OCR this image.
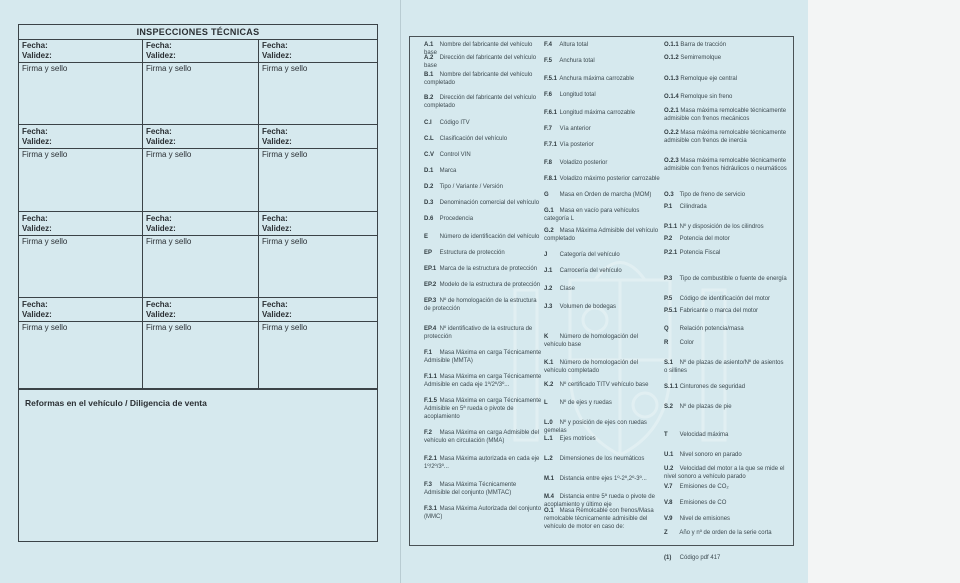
INSPECCIONES TÉCNICAS
Fecha:
Validez:
Firma y sello
Fecha:
Validez:
Firma y sello
Fecha:
Validez:
Firma y sello
Fecha:
Validez:
Firma y sello
Fecha:
Validez:
Firma y sello
Fecha:
Validez:
Firma y sello
Fecha:
Validez:
Firma y sello
Fecha:
Validez:
Firma y sello
Fecha:
Validez:
Firma y sello
Fecha:
Validez:
Firma y sello
Fecha:
Validez:
Firma y sello
Fecha:
Validez:
Firma y sello
Reformas en el vehículo / Diligencia de venta
A.1 Nombre del fabricante del vehículo base
A.2 Dirección del fabricante del vehículo base
B.1 Nombre del fabricante del vehículo completado
B.2 Dirección del fabricante del vehículo completado
C.I Código ITV
C.L Clasificación del vehículo
C.V Control VIN
D.1 Marca
D.2 Tipo / Variante / Versión
D.3 Denominación comercial del vehículo
D.6 Procedencia
E Número de identificación del vehículo
EP Estructura de protección
EP.1 Marca de la estructura de protección
EP.2 Modelo de la estructura de protección
EP.3 Nº de homologación de la estructura de protección
EP.4 Nº identificativo de la estructura de protección
F.1 Masa Máxima en carga Técnicamente Admisible (MMTA)
F.1.1 Masa Máxima en carga Técnicamente Admisible en cada eje 1º/2º/3º...
F.1.5 Masa Máxima en carga Técnicamente Admisible en 5ª rueda o pivote de acoplamiento
F.2 Masa Máxima en carga Admisible del vehículo en circulación (MMA)
F.2.1 Masa Máxima autorizada en cada eje 1º/2º/3º...
F.3 Masa Máxima Técnicamente Admisible del conjunto (MMTAC)
F.3.1 Masa Máxima Autorizada del conjunto (MMC)
F.4 Altura total
F.5 Anchura total
F.5.1 Anchura máxima carrozable
F.6 Longitud total
F.6.1 Longitud máxima carrozable
F.7 Vía anterior
F.7.1 Vía posterior
F.8 Voladizo posterior
F.8.1 Voladizo máximo posterior carrozable
G Masa en Orden de marcha (MOM)
G.1 Masa en vacío para vehículos categoría L
G.2 Masa Máxima Admisible del vehículo completado
J Categoría del vehículo
J.1 Carrocería del vehículo
J.2 Clase
J.3 Volumen de bodegas
K Número de homologación del vehículo base
K.1 Número de homologación del vehículo completado
K.2 Nº certificado TITV vehículo base
L Nº de ejes y ruedas
L.0 Nº y posición de ejes con ruedas gemelas
L.1 Ejes motrices
L.2 Dimensiones de los neumáticos
M.1 Distancia entre ejes 1º-2º,2º-3º...
M.4 Distancia entre 5ª rueda o pivote de acoplamiento y último eje
O.1 Masa Remolcable con frenos/Masa remolcable técnicamente admisible del vehículo de motor en caso de:
O.1.1 Barra de tracción
O.1.2 Semirremolque
O.1.3 Remolque eje central
O.1.4 Remolque sin freno
O.2.1 Masa máxima remolcable técnicamente admisible con frenos mecánicos
O.2.2 Masa máxima remolcable técnicamente admisible con frenos de inercia
O.2.3 Masa máxima remolcable técnicamente admisible con frenos hidráulicos o neumáticos
O.3 Tipo de freno de servicio
P.1 Cilindrada
P.1.1 Nº y disposición de los cilindros
P.2 Potencia del motor
P.2.1 Potencia Fiscal
P.3 Tipo de combustible o fuente de energía
P.5 Código de identificación del motor
P.5.1 Fabricante o marca del motor
Q Relación potencia/masa
R Color
S.1 Nº de plazas de asiento/Nº de asientos o sillines
S.1.1 Cinturones de seguridad
S.2 Nº de plazas de pie
T Velocidad máxima
U.1 Nivel sonoro en parado
U.2 Velocidad del motor a la que se mide el nivel sonoro a vehículo parado
V.7 Emisiones de CO₂
V.8 Emisiones de CO
V.9 Nivel de emisiones
Z Año y nº de orden de la serie corta
(1) Código pdf 417
